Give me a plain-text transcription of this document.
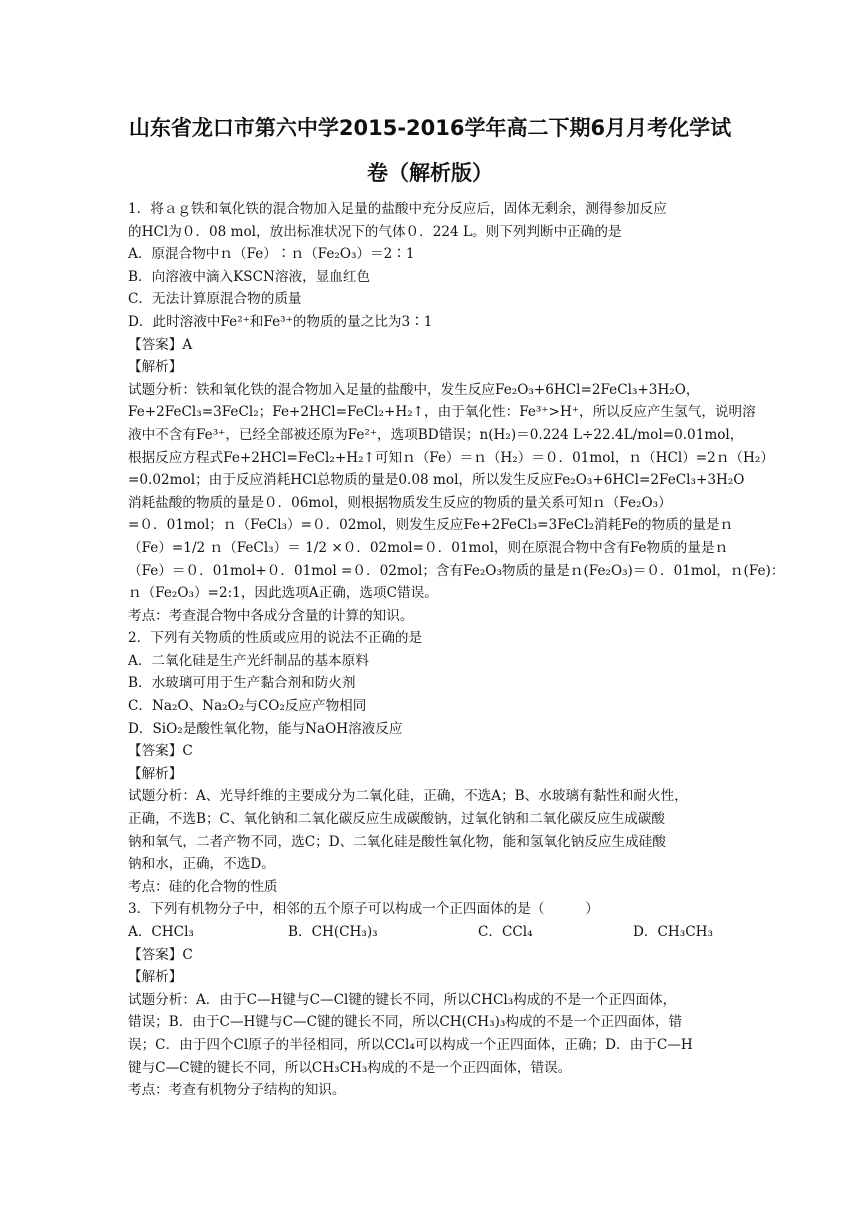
山东省龙口市第六中学2015-2016学年高二下期6月月考化学试
卷（解析版）
1．将ａｇ铁和氧化铁的混合物加入足量的盐酸中充分反应后，固体无剩余，测得参加反应
的HCl为０．08 mol，放出标准状况下的气体０．224 L。则下列判断中正确的是
A．原混合物中ｎ（Fe）∶ｎ（Fe₂O₃）＝2∶1
B．向溶液中滴入KSCN溶液，显血红色
C．无法计算原混合物的质量
D．此时溶液中Fe²⁺和Fe³⁺的物质的量之比为3∶1
【答案】A
【解析】
试题分析：铁和氧化铁的混合物加入足量的盐酸中，发生反应Fe₂O₃+6HCl=2FeCl₃+3H₂O，
Fe+2FeCl₃=3FeCl₂；Fe+2HCl=FeCl₂+H₂↑，由于氧化性：Fe³⁺>H⁺，所以反应产生氢气，说明溶
液中不含有Fe³⁺，已经全部被还原为Fe²⁺，选项BD错误；n(H₂)＝0.224 L÷22.4L/mol=0.01mol，
根据反应方程式Fe+2HCl=FeCl₂+H₂↑可知ｎ（Fe）＝ｎ（H₂）＝０．01mol，ｎ（HCl）=2ｎ（H₂）
=0.02mol；由于反应消耗HCl总物质的量是0.08 mol，所以发生反应Fe₂O₃+6HCl=2FeCl₃+3H₂O
消耗盐酸的物质的量是０．06mol，则根据物质发生反应的物质的量关系可知ｎ（Fe₂O₃）
=０．01mol；ｎ（FeCl₃）=０．02mol，则发生反应Fe+2FeCl₃=3FeCl₂消耗Fe的物质的量是ｎ
（Fe）=1/2 ｎ（FeCl₃）＝ 1/2 ×０．02mol=０．01mol，则在原混合物中含有Fe物质的量是ｎ
（Fe）＝０．01mol+０．01mol =０．02mol；含有Fe₂O₃物质的量是ｎ(Fe₂O₃)＝０．01mol，ｎ(Fe)：
ｎ（Fe₂O₃）=2:1，因此选项A正确，选项C错误。
考点：考查混合物中各成分含量的计算的知识。
2．下列有关物质的性质或应用的说法不正确的是
A．二氧化硅是生产光纤制品的基本原料
B．水玻璃可用于生产黏合剂和防火剂
C．Na₂O、Na₂O₂与CO₂反应产物相同
D．SiO₂是酸性氧化物，能与NaOH溶液反应
【答案】C
【解析】
试题分析：A、光导纤维的主要成分为二氧化硅，正确，不选A；B、水玻璃有黏性和耐火性，
正确，不选B；C、氧化钠和二氧化碳反应生成碳酸钠，过氧化钠和二氧化碳反应生成碳酸
钠和氧气，二者产物不同，选C；D、二氧化硅是酸性氧化物，能和氢氧化钠反应生成硅酸
钠和水，正确，不选D。
考点：硅的化合物的性质
3．下列有机物分子中，相邻的五个原子可以构成一个正四面体的是（　　　）
A．CHCl₃	B．CH(CH₃)₃	C．CCl₄	D．CH₃CH₃
【答案】C
【解析】
试题分析：A．由于C—H键与C—Cl键的键长不同，所以CHCl₃构成的不是一个正四面体，
错误；B．由于C—H键与C—C键的键长不同，所以CH(CH₃)₃构成的不是一个正四面体，错
误；C．由于四个Cl原子的半径相同，所以CCl₄可以构成一个正四面体，正确；D．由于C—H
键与C—C键的键长不同，所以CH₃CH₃构成的不是一个正四面体，错误。
考点：考查有机物分子结构的知识。
